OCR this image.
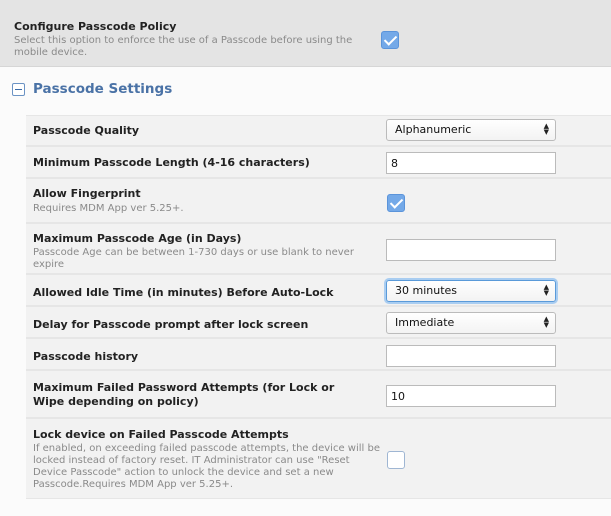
Configure Passcode Policy
Select this option to enforce the use of a Passcode before using the mobile device.
Passcode Settings
Passcode Quality	Alphanumeric	▲
▼
Minimum Passcode Length (4-16 characters)	8
Allow Fingerprint
Requires MDM App ver 5.25+.
Maximum Passcode Age (in Days)
Passcode Age can be between 1-730 days or use blank to never expire
Allowed Idle Time (in minutes) Before Auto-Lock	30 minutes	▲
▼
Delay for Passcode prompt after lock screen	Immediate	▲
▼
Passcode history
Maximum Failed Password Attempts (for Lock or Wipe depending on policy)	10
Lock device on Failed Passcode Attempts
If enabled, on exceeding failed passcode attempts, the device will be locked instead of factory reset. IT Administrator can use "Reset Device Passcode" action to unlock the device and set a new Passcode.Requires MDM App ver 5.25+.
